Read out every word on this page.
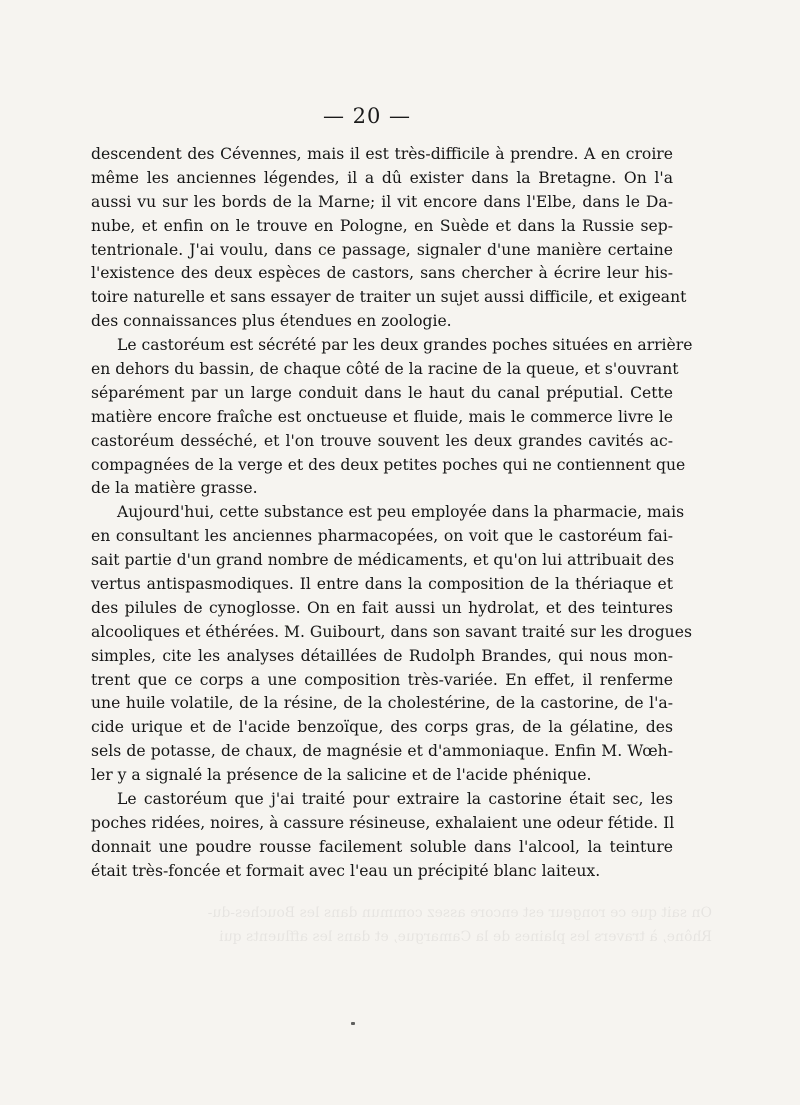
— 20 —
descendent des Cévennes, mais il est très-difficile à prendre. A en croire
même les anciennes légendes, il a dû exister dans la Bretagne. On l'a
aussi vu sur les bords de la Marne; il vit encore dans l'Elbe, dans le Da-
nube, et enfin on le trouve en Pologne, en Suède et dans la Russie sep-
tentrionale. J'ai voulu, dans ce passage, signaler d'une manière certaine
l'existence des deux espèces de castors, sans chercher à écrire leur his-
toire naturelle et sans essayer de traiter un sujet aussi difficile, et exigeant
des connaissances plus étendues en zoologie.
Le castoréum est sécrété par les deux grandes poches situées en arrière
en dehors du bassin, de chaque côté de la racine de la queue, et s'ouvrant
séparément par un large conduit dans le haut du canal préputial. Cette
matière encore fraîche est onctueuse et fluide, mais le commerce livre le
castoréum desséché, et l'on trouve souvent les deux grandes cavités ac-
compagnées de la verge et des deux petites poches qui ne contiennent que
de la matière grasse.
Aujourd'hui, cette substance est peu employée dans la pharmacie, mais
en consultant les anciennes pharmacopées, on voit que le castoréum fai-
sait partie d'un grand nombre de médicaments, et qu'on lui attribuait des
vertus antispasmodiques. Il entre dans la composition de la thériaque et
des pilules de cynoglosse. On en fait aussi un hydrolat, et des teintures
alcooliques et éthérées. M. Guibourt, dans son savant traité sur les drogues
simples, cite les analyses détaillées de Rudolph Brandes, qui nous mon-
trent que ce corps a une composition très-variée. En effet, il renferme
une huile volatile, de la résine, de la cholestérine, de la castorine, de l'a-
cide urique et de l'acide benzoïque, des corps gras, de la gélatine, des
sels de potasse, de chaux, de magnésie et d'ammoniaque. Enfin M. Wœh-
ler y a signalé la présence de la salicine et de l'acide phénique.
Le castoréum que j'ai traité pour extraire la castorine était sec, les
poches ridées, noires, à cassure résineuse, exhalaient une odeur fétide. Il
donnait une poudre rousse facilement soluble dans l'alcool, la teinture
était très-foncée et formait avec l'eau un précipité blanc laiteux.
On sait que ce rongeur est encore assez commun dans les Bouches-du-
Rhône, à travers les plaines de la Camargue, et dans les affluents qui
